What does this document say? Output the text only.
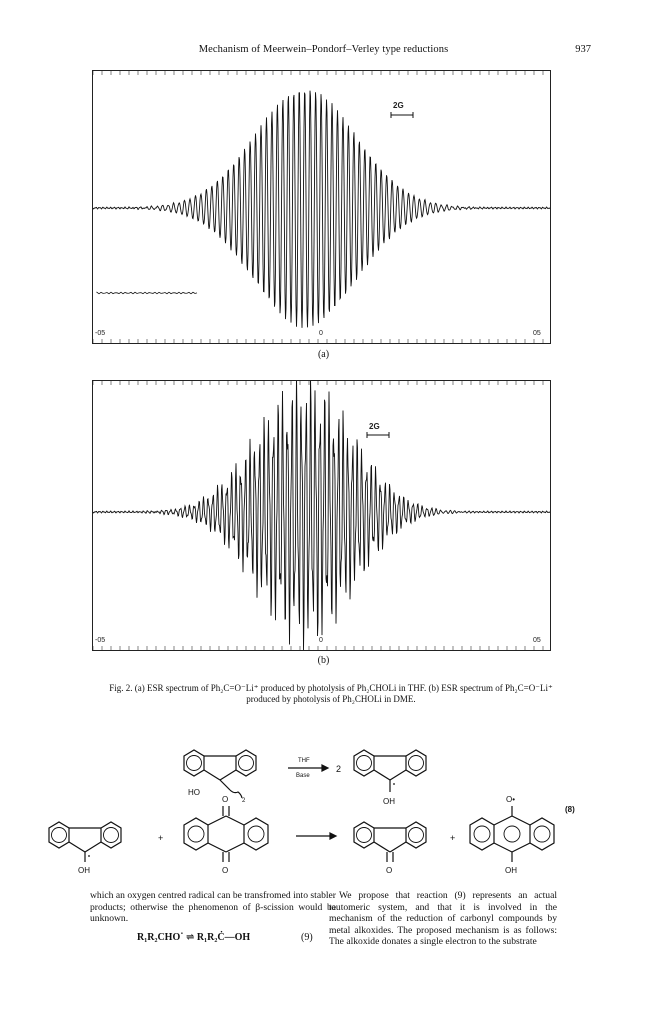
Mechanism of Meerwein–Pondorf–Verley type reductions	937
2G
-05	0	05
(a)
2G
-05	0	05
(b)
Fig. 2. (a) ESR spectrum of Ph₂C=O⁻Li⁺ produced by photolysis of Ph₂CHOLi in THF. (b) ESR spectrum of Ph₂C=O⁻Li⁺ produced by photolysis of Ph₂CHOLi in DME.
HO
2
THF
Base
2
OH
(8)
OH
+
O
O	O
+
O•
OH
which an oxygen centred radical can be transfromed into stabler products; otherwise the phenomenon of β-scission would be unknown.
R₁R₂CHO˙ ⇌ R₁R₂Ċ—OH	(9)
We propose that reaction (9) represents an actual tautomeric system, and that it is involved in the mechanism of the reduction of carbonyl compounds by metal alkoxides. The proposed mechanism is as follows: The alkoxide donates a single electron to the substrate
